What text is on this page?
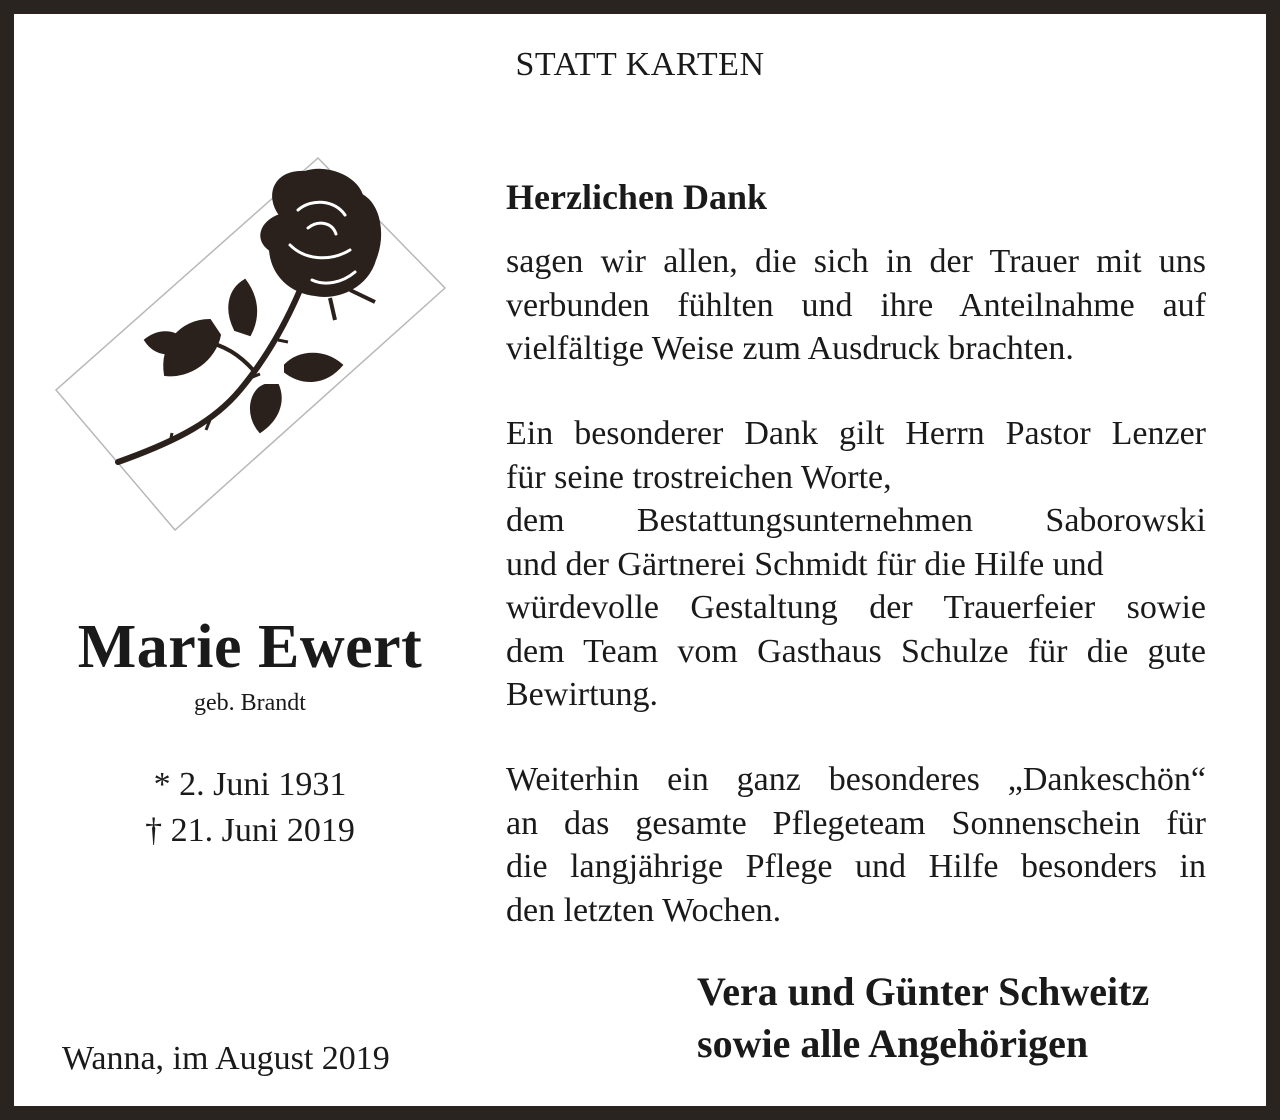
STATT KARTEN
Marie Ewert
geb. Brandt
* 2. Juni 1931
† 21. Juni 2019
Wanna, im August 2019
Herzlichen Dank
sagen wir allen, die sich in der Trauer mit uns
verbunden fühlten und ihre Anteilnahme auf
vielfältige Weise zum Ausdruck brachten.
Ein besonderer Dank gilt Herrn Pastor Lenzer
für seine trostreichen Worte,
dem Bestattungsunternehmen Saborowski
und der Gärtnerei Schmidt für die Hilfe und
würdevolle Gestaltung der Trauerfeier sowie
dem Team vom Gasthaus Schulze für die gute
Bewirtung.
Weiterhin ein ganz besonderes „Dankeschön“
an das gesamte Pflegeteam Sonnenschein für
die langjährige Pflege und Hilfe besonders in
den letzten Wochen.
Vera und Günter Schweitz
sowie alle Angehörigen
